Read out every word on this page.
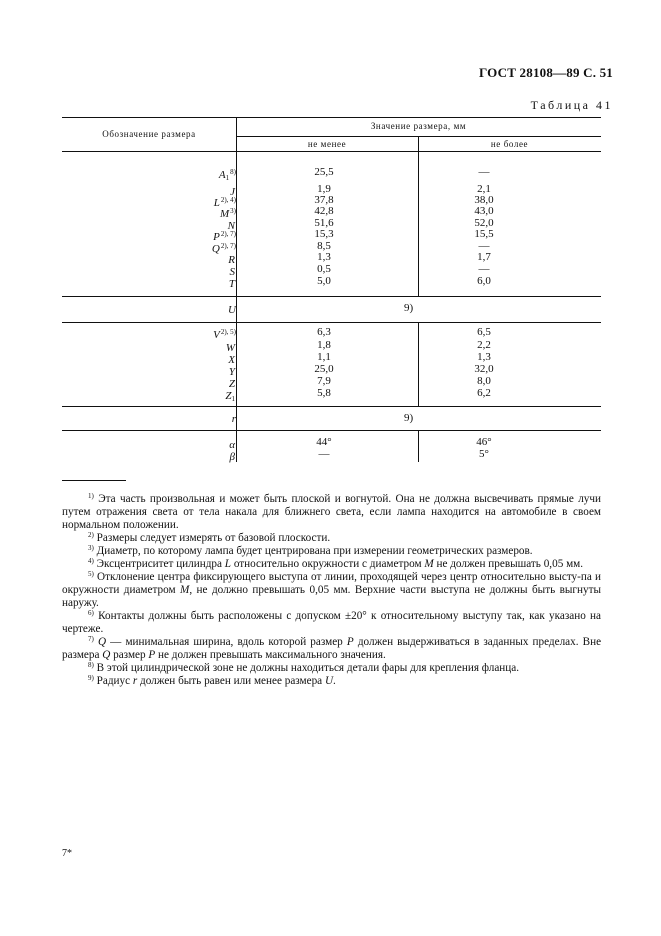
ГОСТ 28108—89 С. 51
Таблица 41
Обозначение размера
Значение размера, мм
не менее	не более
$A_1^{8)}$	25,5	—
J	1,9	2,1
$L^{2), 4)}$	37,8	38,0
$M^{3)}$	42,8	43,0
N	51,6	52,0
$P^{2), 7)}$	15,3	15,5
$Q^{2), 7)}$	8,5	—
R	1,3	1,7
S	0,5	—
T	5,0	6,0
U	9)
$V^{2), 5)}$	6,3	6,5
W	1,8	2,2
X	1,1	1,3
Y	25,0	32,0
Z	7,9	8,0
$Z_1$	5,8	6,2
r	9)
α	44°	46°
β	—	5°
$^{1)}$ Эта часть произвольная и может быть плоской и вогнутой. Она не должна высвечивать прямые лучи путем отражения света от тела накала для ближнего света, если лампа находится на автомобиле в своем нормальном положении.
$^{2)}$ Размеры следует измерять от базовой плоскости.
$^{3)}$ Диаметр, по которому лампа будет центрирована при измерении геометрических размеров.
$^{4)}$ Эксцентриситет цилиндра L относительно окружности с диаметром M не должен превышать 0,05 мм.
$^{5)}$ Отклонение центра фиксирующего выступа от линии, проходящей через центр относительно высту-па и окружности диаметром M, не должно превышать 0,05 мм. Верхние части выступа не должны быть выгнуты наружу.
$^{6)}$ Контакты должны быть расположены с допуском ±20° к относительному выступу так, как указано на чертеже.
$^{7)}$ Q — минимальная ширина, вдоль которой размер P должен выдерживаться в заданных пределах. Вне размера Q размер P не должен превышать максимального значения.
$^{8)}$ В этой цилиндрической зоне не должны находиться детали фары для крепления фланца.
$^{9)}$ Радиус r должен быть равен или менее размера U.
7*
